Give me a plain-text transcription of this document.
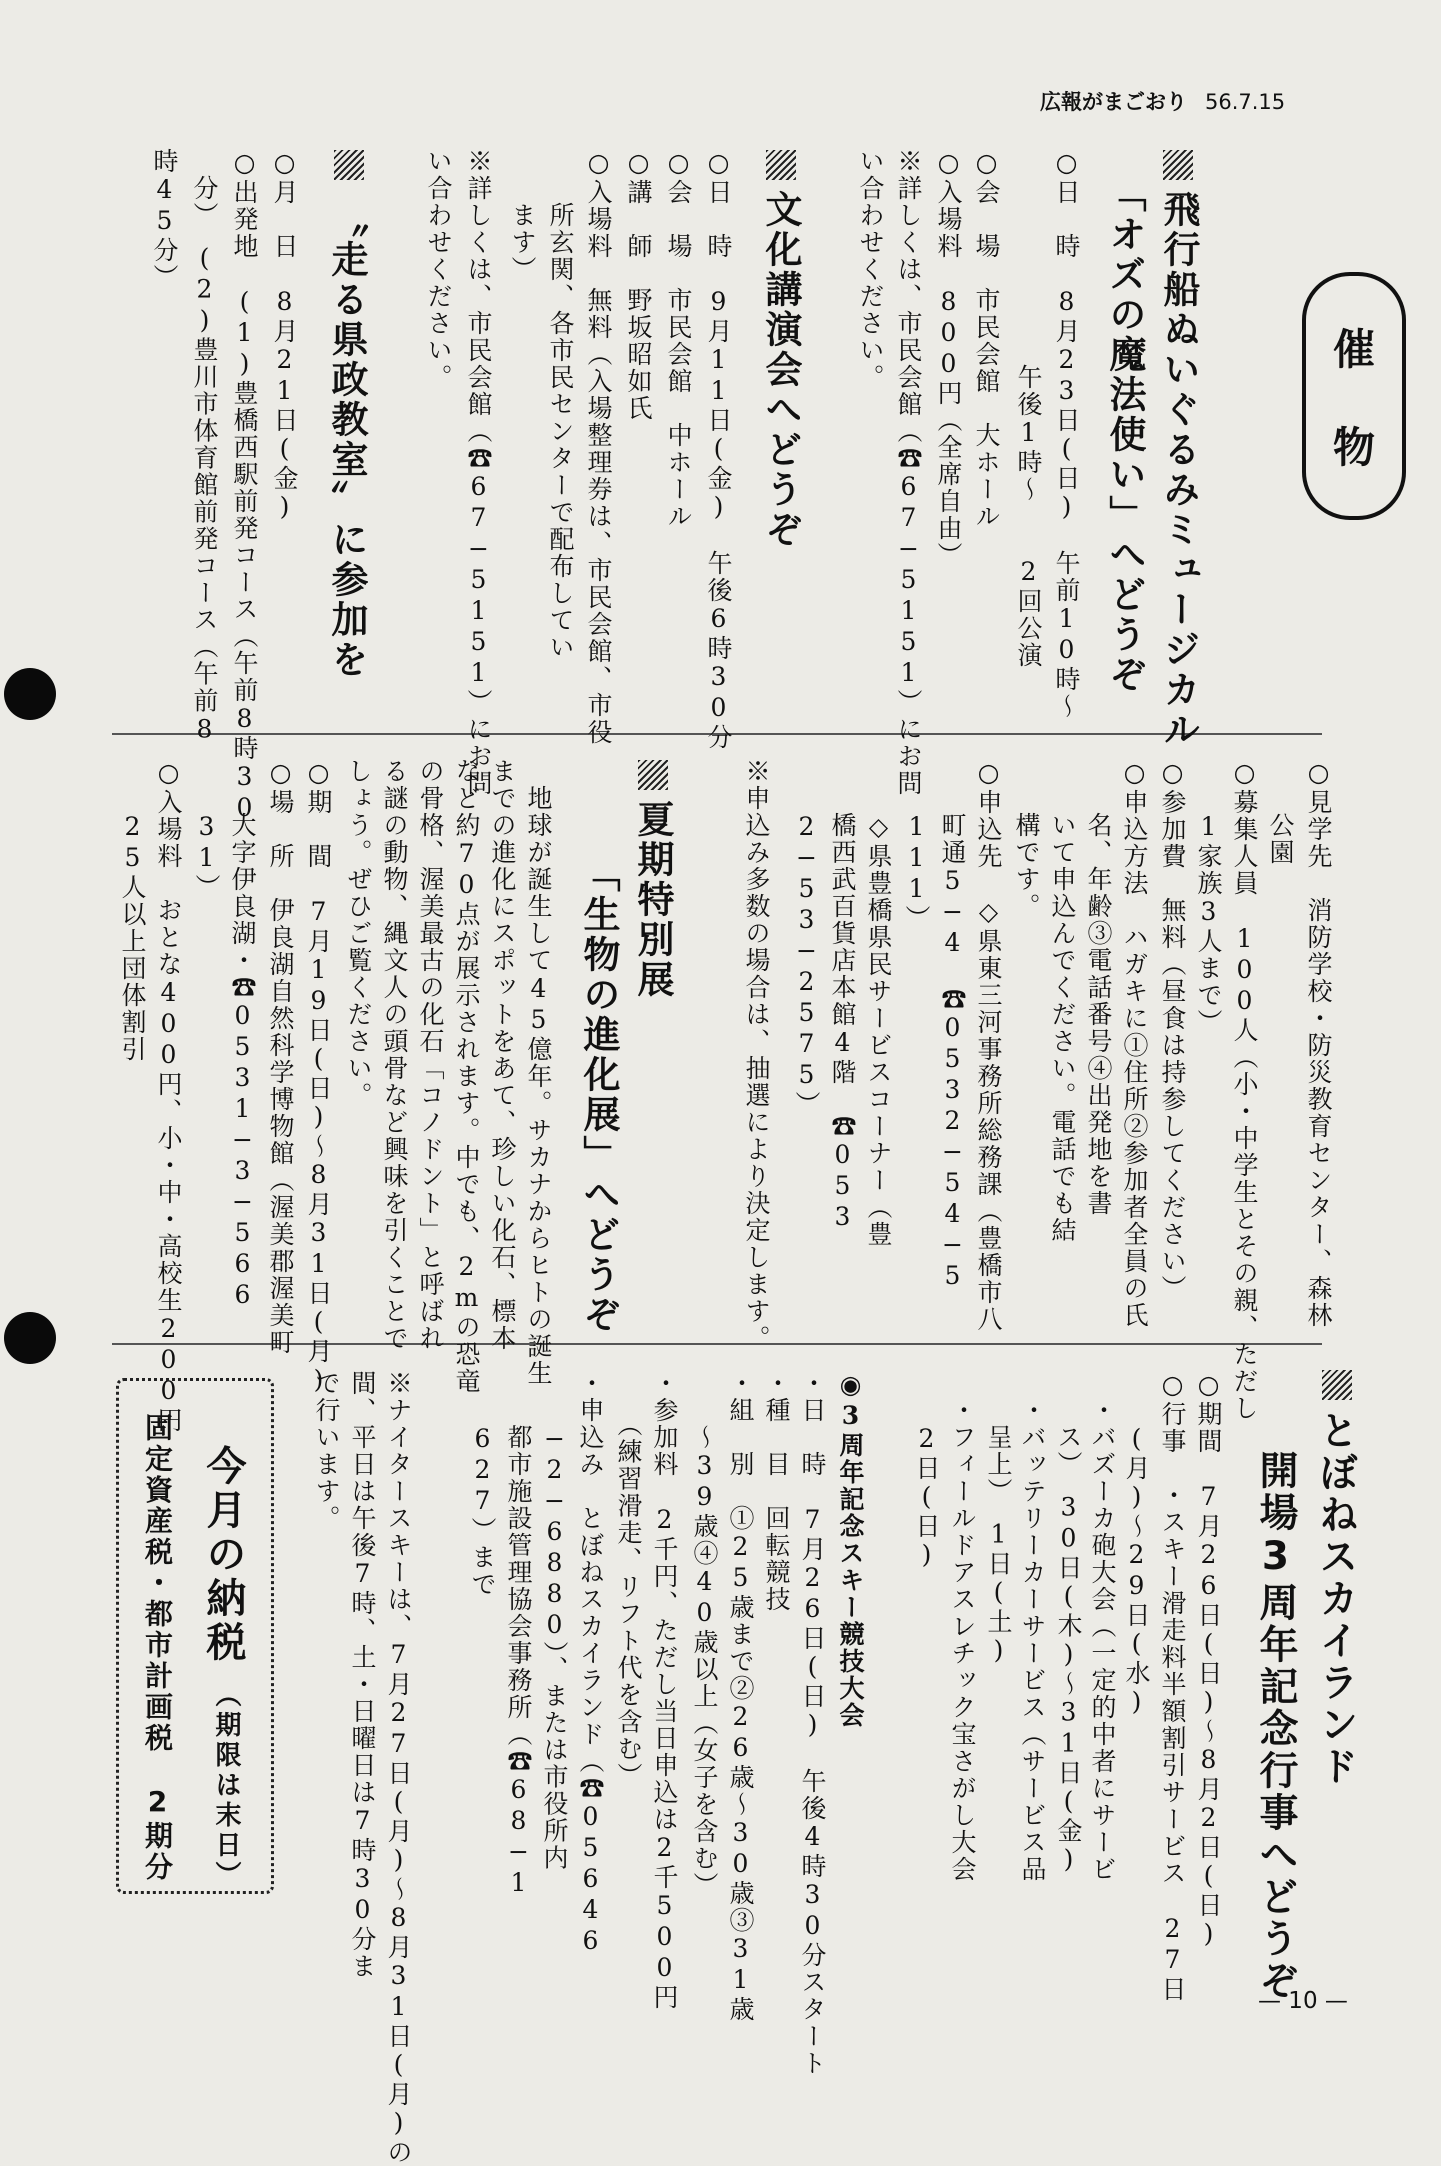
広報がまごおり 56.7.15
催
物
飛行船ぬいぐるみミュージカル
「オズの魔法使い」へどうぞ
○日　時　8月23日(日)　午前10時〜
　　　　　　　　午後1時〜　　2回公演
○会　場　市民会館　大ホール
○入場料　800円（全席自由）
※詳しくは、市民会館（☎67−5151）にお問
い合わせください。
文化講演会へどうぞ
○日　時　9月11日(金)　午後6時30分
○会　場　市民会館　中ホール
○講　師　野坂昭如氏
○入場料　無料（入場整理券は、市民会館、市役
　　所玄関、各市民センターで配布してい
　　ます）
※詳しくは、市民会館（☎67−5151）にお問
い合わせください。
〝走る県政教室〟に参加を
○月　日　8月21日(金)
○出発地　(1)豊橋西駅前発コース（午前8時30
　分）　(2)豊川市体育館前発コース（午前8
時45分）
○見学先　消防学校・防災教育センター、森林
　　公園
○募集人員　100人（小・中学生とその親、ただし
　　1家族3人まで）
○参加費　無料（昼食は持参してください）
○申込方法　ハガキに①住所②参加者全員の氏
　　名、年齢③電話番号④出発地を書
　　いて申込んでください。電話でも結
　　構です。
○申込先　◇県東三河事務所総務課（豊橋市八
　　町通5−4　☎0532−54−5
　　111）
　　◇県豊橋県民サービスコーナー（豊
　　橋西武百貨店本館4階　☎053
　　2−53−2575）
※申込み多数の場合は、抽選により決定します。
夏期特別展
「生物の進化展」へどうぞ
　地球が誕生して45億年。サカナからヒトの誕生
までの進化にスポットをあて、珍しい化石、標本
など約70点が展示されます。中でも、2mの恐竜
の骨格、渥美最古の化石「コノドント」と呼ばれ
る謎の動物、縄文人の頭骨など興味を引くことで
しょう。ぜひご覧ください。
○期　間　7月19日(日)〜8月31日(月)
○場　所　伊良湖自然科学博物館（渥美郡渥美町
　　大字伊良湖・☎0531−3−566
　　31）
○入場料　おとな400円、小・中・高校生200円
　　25人以上団体割引
とぼねスカイランド
開場3周年記念行事へどうぞ
○期間　7月26日(日)〜8月2日(日)
○行事　・スキー滑走料半額割引サービス　27日
　　(月)〜29日(水)
　・バズーカ砲大会（一定的中者にサービ
　　ス）　30日(木)〜31日(金)
　・バッテリーカーサービス（サービス品
　　呈上）　1日(土)
　・フィールドアスレチック宝さがし大会
　　2日(日)
◉3周年記念スキー競技大会
・日　時　7月26日(日)　午後4時30分スタート
・種　目　回転競技
・組　別　①25歳まで②26歳〜30歳③31歳
　　〜39歳④40歳以上（女子を含む）
・参加料　2千円、ただし当日申込は2千500円
　　（練習滑走、リフト代を含む）
・申込み　とぼねスカイランド（☎05646
　　−2−6880）、または市役所内
　　都市施設管理協会事務所（☎68−1
　　627）まで
※ナイタースキーは、7月27日(月)〜8月31日(月)の
間、平日は午後7時、土・日曜日は7時30分ま
で行います。
今月の納税
（期限は末日）
固定資産税・都市計画税　2期分
— 10 —
